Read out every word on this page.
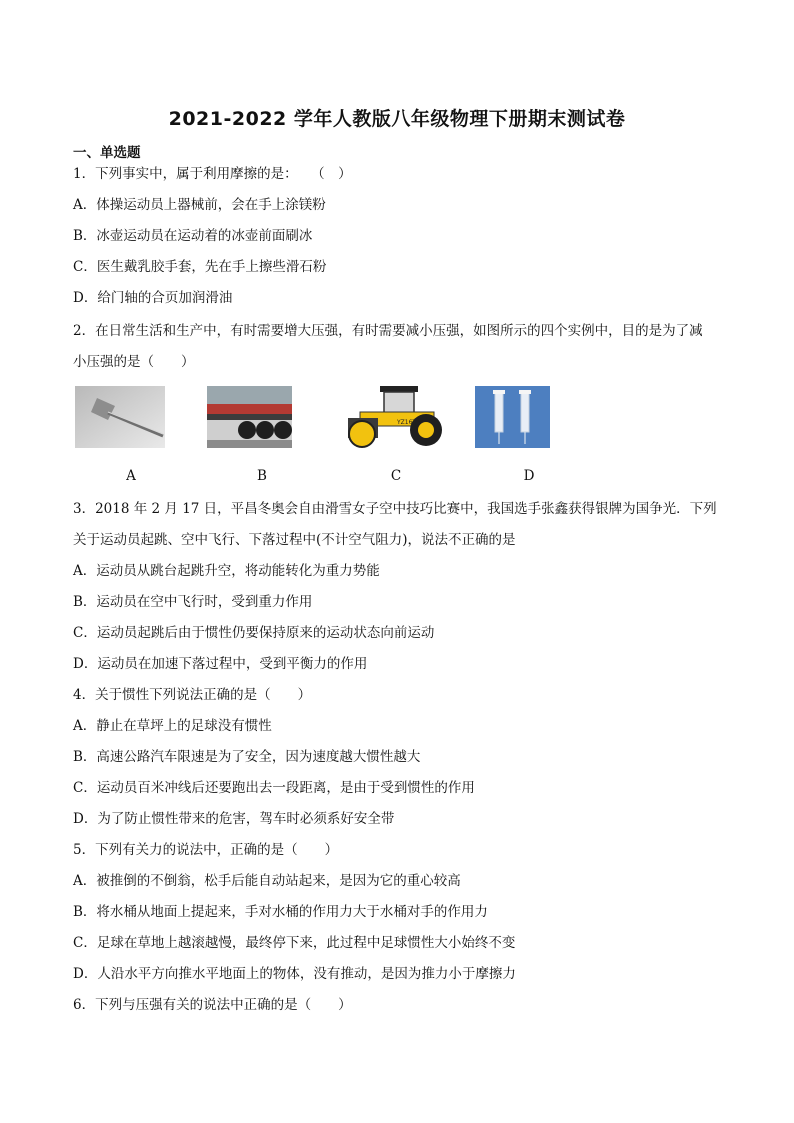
2021-2022 学年人教版八年级物理下册期末测试卷
一、单选题
1．下列事实中，属于利用摩擦的是：　　（　）
A．体操运动员上器械前，会在手上涂镁粉
B．冰壶运动员在运动着的冰壶前面刷冰
C．医生戴乳胶手套，先在手上擦些滑石粉
D．给门轴的合页加润滑油
2．在日常生活和生产中，有时需要增大压强，有时需要减小压强，如图所示的四个实例中，目的是为了减
小压强的是（　　）
YZ16T
A	B	C	D
3．2018 年 2 月 17 日，平昌冬奥会自由滑雪女子空中技巧比赛中，我国选手张鑫获得银牌为国争光．下列
关于运动员起跳、空中飞行、下落过程中(不计空气阻力)，说法不正确的是
A．运动员从跳台起跳升空，将动能转化为重力势能
B．运动员在空中飞行时，受到重力作用
C．运动员起跳后由于惯性仍要保持原来的运动状态向前运动
D．运动员在加速下落过程中，受到平衡力的作用
4．关于惯性下列说法正确的是（　　）
A．静止在草坪上的足球没有惯性
B．高速公路汽车限速是为了安全，因为速度越大惯性越大
C．运动员百米冲线后还要跑出去一段距离，是由于受到惯性的作用
D．为了防止惯性带来的危害，驾车时必须系好安全带
5．下列有关力的说法中，正确的是（　　）
A．被推倒的不倒翁，松手后能自动站起来，是因为它的重心较高
B．将水桶从地面上提起来，手对水桶的作用力大于水桶对手的作用力
C．足球在草地上越滚越慢，最终停下来，此过程中足球惯性大小始终不变
D．人沿水平方向推水平地面上的物体，没有推动，是因为推力小于摩擦力
6．下列与压强有关的说法中正确的是（　　）
